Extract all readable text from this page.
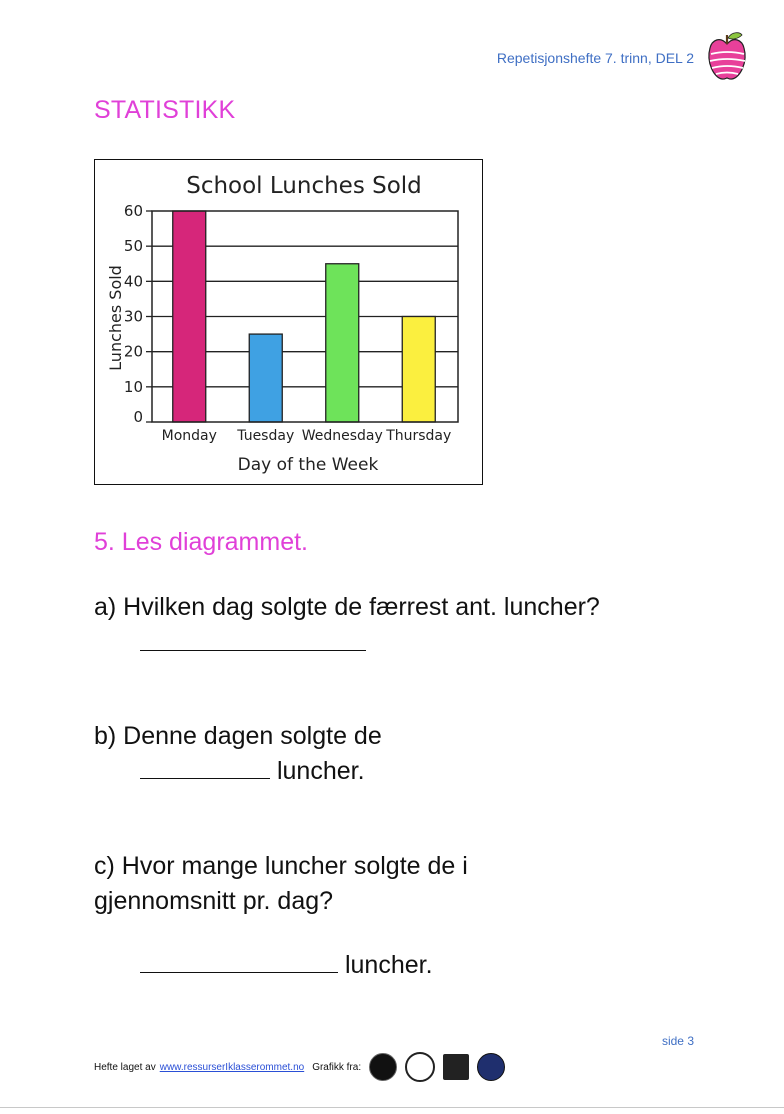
Repetisjonshefte 7. trinn, DEL 2
STATISTIKK
School Lunches Sold
Lunches Sold
Day of the Week
0
10
20
30
40
50
60
Monday Tuesday Wednesday Thursday
5. Les diagrammet.
a) Hvilken dag solgte de færrest ant. luncher?
b) Denne dagen solgte de
luncher.
c) Hvor mange luncher solgte de i
gjennomsnitt pr. dag?
luncher.
side 3
Hefte laget av www.ressurserIklasserommet.no Grafikk fra:
